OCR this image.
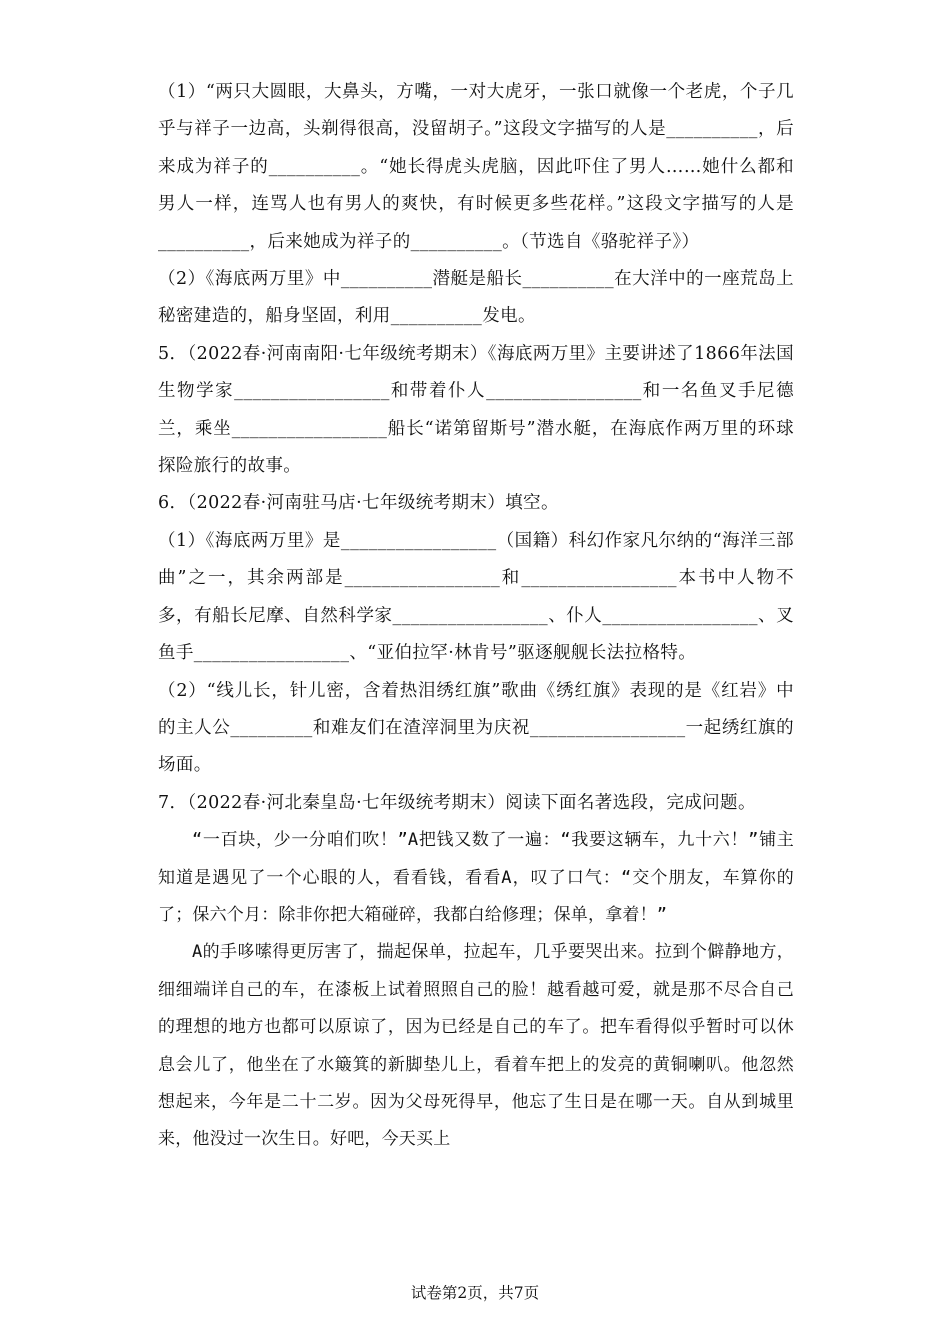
（1）“两只大圆眼，大鼻头，方嘴，一对大虎牙，一张口就像一个老虎，个子几乎与祥子一边高，头剃得很高，没留胡子。”这段文字描写的人是__________，后来成为祥子的__________。“她长得虎头虎脑，因此吓住了男人……她什么都和男人一样，连骂人也有男人的爽快，有时候更多些花样。”这段文字描写的人是__________，后来她成为祥子的__________。（节选自《骆驼祥子》）

（2）《海底两万里》中__________潜艇是船长__________在大洋中的一座荒岛上秘密建造的，船身坚固，利用__________发电。

5．（2022春·河南南阳·七年级统考期末）《海底两万里》主要讲述了1866年法国生物学家_________________和带着仆人_________________和一名鱼叉手尼德兰，乘坐_________________船长“诺第留斯号”潜水艇，在海底作两万里的环球探险旅行的故事。

6．（2022春·河南驻马店·七年级统考期末）填空。

（1）《海底两万里》是_________________（国籍）科幻作家凡尔纳的“海洋三部曲”之一，其余两部是_________________和_________________本书中人物不多，有船长尼摩、自然科学家_________________、仆人_________________、叉鱼手_________________、“亚伯拉罕·林肯号”驱逐舰舰长法拉格特。

（2）“线儿长，针儿密，含着热泪绣红旗”歌曲《绣红旗》表现的是《红岩》中的主人公_________和难友们在渣滓洞里为庆祝_________________一起绣红旗的场面。

7．（2022春·河北秦皇岛·七年级统考期末）阅读下面名著选段，完成问题。

“一百块，少一分咱们吹！”A把钱又数了一遍：“我要这辆车，九十六！”铺主知道是遇见了一个心眼的人，看看钱，看看A，叹了口气：“交个朋友，车算你的了；保六个月：除非你把大箱碰碎，我都白给修理；保单，拿着！”

A的手哆嗦得更厉害了，揣起保单，拉起车，几乎要哭出来。拉到个僻静地方，细细端详自己的车，在漆板上试着照照自己的脸！越看越可爱，就是那不尽合自己的理想的地方也都可以原谅了，因为已经是自己的车了。把车看得似乎暂时可以休息会儿了，他坐在了水簸箕的新脚垫儿上，看着车把上的发亮的黄铜喇叭。他忽然想起来，今年是二十二岁。因为父母死得早，他忘了生日是在哪一天。自从到城里来，他没过一次生日。好吧，今天买上

试卷第2页，共7页
